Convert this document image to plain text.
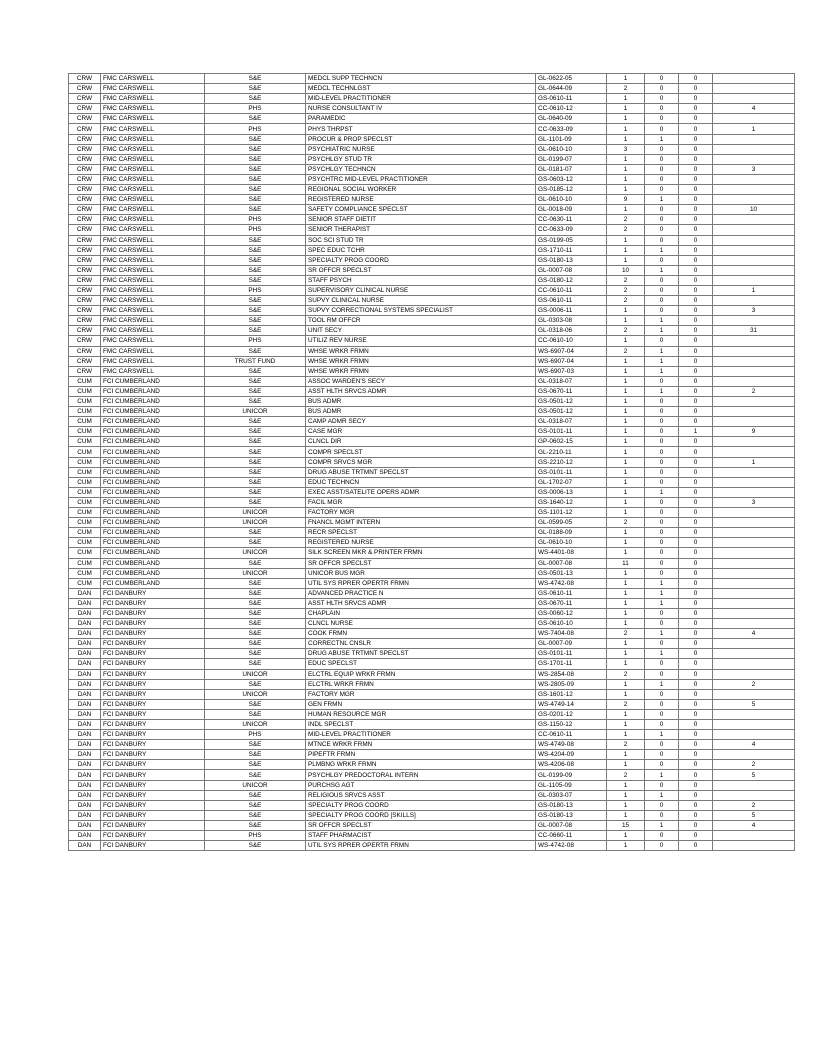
CRW	FMC CARSWELL	S&E	MEDCL SUPP TECHNCN	GL-0622-05	1	0	0	
CRW	FMC CARSWELL	S&E	MEDCL TECHNLGST	GL-0644-09	2	0	0	
CRW	FMC CARSWELL	S&E	MID-LEVEL PRACTITIONER	GS-0610-11	1	0	0	
CRW	FMC CARSWELL	PHS	NURSE CONSULTANT IV	CC-0610-12	1	0	0	4
CRW	FMC CARSWELL	S&E	PARAMEDIC	GL-0640-09	1	0	0	
CRW	FMC CARSWELL	PHS	PHYS THRPST	CC-0633-09	1	0	0	1
CRW	FMC CARSWELL	S&E	PROCUR & PROP SPECLST	GL-1101-09	1	1	0	
CRW	FMC CARSWELL	S&E	PSYCHIATRIC NURSE	GL-0610-10	3	0	0	
CRW	FMC CARSWELL	S&E	PSYCHLGY STUD TR	GL-0199-07	1	0	0	
CRW	FMC CARSWELL	S&E	PSYCHLGY TECHNCN	GL-0181-07	1	0	0	3
CRW	FMC CARSWELL	S&E	PSYCHTRC MID-LEVEL PRACTITIONER	GS-0603-12	1	0	0	
CRW	FMC CARSWELL	S&E	REGIONAL SOCIAL WORKER	GS-0185-12	1	0	0	
CRW	FMC CARSWELL	S&E	REGISTERED NURSE	GL-0610-10	9	1	0	
CRW	FMC CARSWELL	S&E	SAFETY COMPLIANCE SPECLST	GL-0018-09	1	0	0	10
CRW	FMC CARSWELL	PHS	SENIOR STAFF DIETIT	CC-0630-11	2	0	0	
CRW	FMC CARSWELL	PHS	SENIOR THERAPIST	CC-0633-09	2	0	0	
CRW	FMC CARSWELL	S&E	SOC SCI STUD TR	GS-0199-05	1	0	0	
CRW	FMC CARSWELL	S&E	SPEC EDUC TCHR	GS-1710-11	1	1	0	
CRW	FMC CARSWELL	S&E	SPECIALTY PROG COORD	GS-0180-13	1	0	0	
CRW	FMC CARSWELL	S&E	SR OFFCR SPECLST	GL-0007-08	10	1	0	
CRW	FMC CARSWELL	S&E	STAFF PSYCH	GS-0180-12	2	0	0	
CRW	FMC CARSWELL	PHS	SUPERVISORY CLINICAL NURSE	CC-0610-11	2	0	0	1
CRW	FMC CARSWELL	S&E	SUPVY CLINICAL NURSE	GS-0610-11	2	0	0	
CRW	FMC CARSWELL	S&E	SUPVY CORRECTIONAL SYSTEMS SPECIALIST	GS-0006-11	1	0	0	3
CRW	FMC CARSWELL	S&E	TOOL RM OFFCR	GL-0303-08	1	1	0	
CRW	FMC CARSWELL	S&E	UNIT SECY	GL-0318-06	2	1	0	31
CRW	FMC CARSWELL	PHS	UTILIZ REV NURSE	CC-0610-10	1	0	0	
CRW	FMC CARSWELL	S&E	WHSE WRKR FRMN	WS-6907-04	2	1	0	
CRW	FMC CARSWELL	TRUST FUND	WHSE WRKR FRMN	WS-6907-04	1	1	0	
CRW	FMC CARSWELL	S&E	WHSE WRKR FRMN	WS-6907-03	1	1	0	
CUM	FCI CUMBERLAND	S&E	ASSOC WARDEN'S SECY	GL-0318-07	1	0	0	
CUM	FCI CUMBERLAND	S&E	ASST HLTH SRVCS ADMR	GS-0670-11	1	1	0	2
CUM	FCI CUMBERLAND	S&E	BUS ADMR	GS-0501-12	1	0	0	
CUM	FCI CUMBERLAND	UNICOR	BUS ADMR	GS-0501-12	1	0	0	
CUM	FCI CUMBERLAND	S&E	CAMP ADMR SECY	GL-0318-07	1	0	0	
CUM	FCI CUMBERLAND	S&E	CASE MGR	GS-0101-11	1	0	1	9
CUM	FCI CUMBERLAND	S&E	CLNCL DIR	GP-0602-15	1	0	0	
CUM	FCI CUMBERLAND	S&E	COMPR SPECLST	GL-2210-11	1	0	0	
CUM	FCI CUMBERLAND	S&E	COMPR SRVCS MGR	GS-2210-12	1	0	0	1
CUM	FCI CUMBERLAND	S&E	DRUG ABUSE TRTMNT SPECLST	GS-0101-11	1	0	0	
CUM	FCI CUMBERLAND	S&E	EDUC TECHNCN	GL-1702-07	1	0	0	
CUM	FCI CUMBERLAND	S&E	EXEC ASST/SATELITE OPERS ADMR	GS-0006-13	1	1	0	
CUM	FCI CUMBERLAND	S&E	FACIL MGR	GS-1640-12	1	0	0	3
CUM	FCI CUMBERLAND	UNICOR	FACTORY MGR	GS-1101-12	1	0	0	
CUM	FCI CUMBERLAND	UNICOR	FNANCL MGMT INTERN	GL-0599-05	2	0	0	
CUM	FCI CUMBERLAND	S&E	RECR SPECLST	GL-0188-09	1	0	0	
CUM	FCI CUMBERLAND	S&E	REGISTERED NURSE	GL-0610-10	1	0	0	
CUM	FCI CUMBERLAND	UNICOR	SILK SCREEN MKR & PRINTER FRMN	WS-4401-08	1	0	0	
CUM	FCI CUMBERLAND	S&E	SR OFFCR SPECLST	GL-0007-08	11	0	0	
CUM	FCI CUMBERLAND	UNICOR	UNICOR BUS MGR	GS-0501-13	1	0	0	
CUM	FCI CUMBERLAND	S&E	UTIL SYS RPRER OPERTR FRMN	WS-4742-08	1	1	0	
DAN	FCI DANBURY	S&E	ADVANCED PRACTICE N	GS-0610-11	1	1	0	
DAN	FCI DANBURY	S&E	ASST HLTH SRVCS ADMR	GS-0670-11	1	1	0	
DAN	FCI DANBURY	S&E	CHAPLAIN	GS-0060-12	1	0	0	
DAN	FCI DANBURY	S&E	CLNCL NURSE	GS-0610-10	1	0	0	
DAN	FCI DANBURY	S&E	COOK FRMN	WS-7404-08	2	1	0	4
DAN	FCI DANBURY	S&E	CORRECTNL CNSLR	GL-0007-09	1	0	0	
DAN	FCI DANBURY	S&E	DRUG ABUSE TRTMNT SPECLST	GS-0101-11	1	1	0	
DAN	FCI DANBURY	S&E	EDUC SPECLST	GS-1701-11	1	0	0	
DAN	FCI DANBURY	UNICOR	ELCTRL EQUIP WRKR FRMN	WS-2854-08	2	0	0	
DAN	FCI DANBURY	S&E	ELCTRL WRKR FRMN	WS-2805-09	1	1	0	2
DAN	FCI DANBURY	UNICOR	FACTORY MGR	GS-1601-12	1	0	0	
DAN	FCI DANBURY	S&E	GEN FRMN	WS-4749-14	2	0	0	5
DAN	FCI DANBURY	S&E	HUMAN RESOURCE MGR	GS-0201-12	1	0	0	
DAN	FCI DANBURY	UNICOR	INDL SPECLST	GS-1150-12	1	0	0	
DAN	FCI DANBURY	PHS	MID-LEVEL PRACTITIONER	CC-0610-11	1	1	0	
DAN	FCI DANBURY	S&E	MTNCE WRKR FRMN	WS-4749-08	2	0	0	4
DAN	FCI DANBURY	S&E	PIPEFTR FRMN	WS-4204-09	1	0	0	
DAN	FCI DANBURY	S&E	PLMBNG WRKR FRMN	WS-4206-08	1	0	0	2
DAN	FCI DANBURY	S&E	PSYCHLGY PREDOCTORAL INTERN	GL-0199-09	2	1	0	5
DAN	FCI DANBURY	UNICOR	PURCHSG AGT	GL-1105-09	1	0	0	
DAN	FCI DANBURY	S&E	RELIGIOUS SRVCS ASST	GL-0303-07	1	1	0	
DAN	FCI DANBURY	S&E	SPECIALTY PROG COORD	GS-0180-13	1	0	0	2
DAN	FCI DANBURY	S&E	SPECIALTY PROG COORD [SKILLS]	GS-0180-13	1	0	0	5
DAN	FCI DANBURY	S&E	SR OFFCR SPECLST	GL-0007-08	15	1	0	4
DAN	FCI DANBURY	PHS	STAFF PHARMACIST	CC-0660-11	1	0	0	
DAN	FCI DANBURY	S&E	UTIL SYS RPRER OPERTR FRMN	WS-4742-08	1	0	0	
